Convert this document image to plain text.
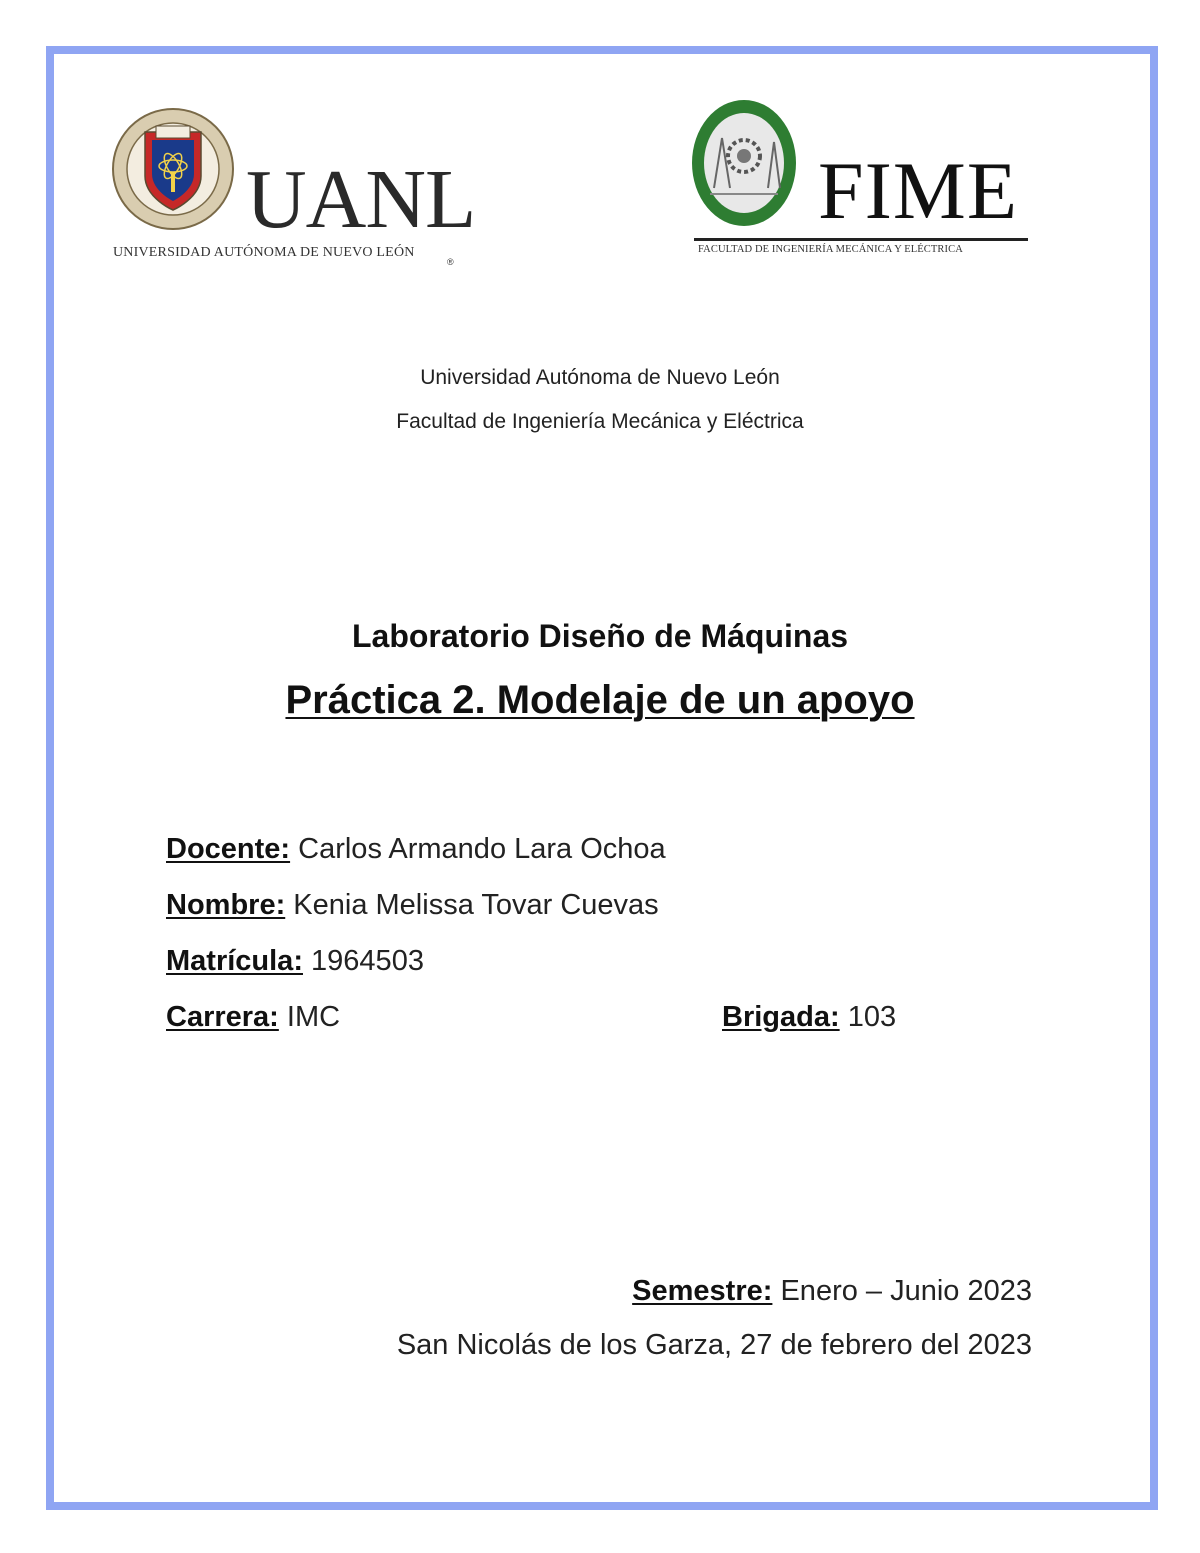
UANL
UNIVERSIDAD AUTÓNOMA DE NUEVO LEÓN
®
FIME
FACULTAD DE INGENIERÍA MECÁNICA Y ELÉCTRICA
Universidad Autónoma de Nuevo León
Facultad de Ingeniería Mecánica y Eléctrica
Laboratorio Diseño de Máquinas
Práctica 2. Modelaje de un apoyo
Docente: Carlos Armando Lara Ochoa
Nombre: Kenia Melissa Tovar Cuevas
Matrícula: 1964503
Carrera: IMC	Brigada: 103
Semestre: Enero – Junio 2023
San Nicolás de los Garza, 27 de febrero del 2023
